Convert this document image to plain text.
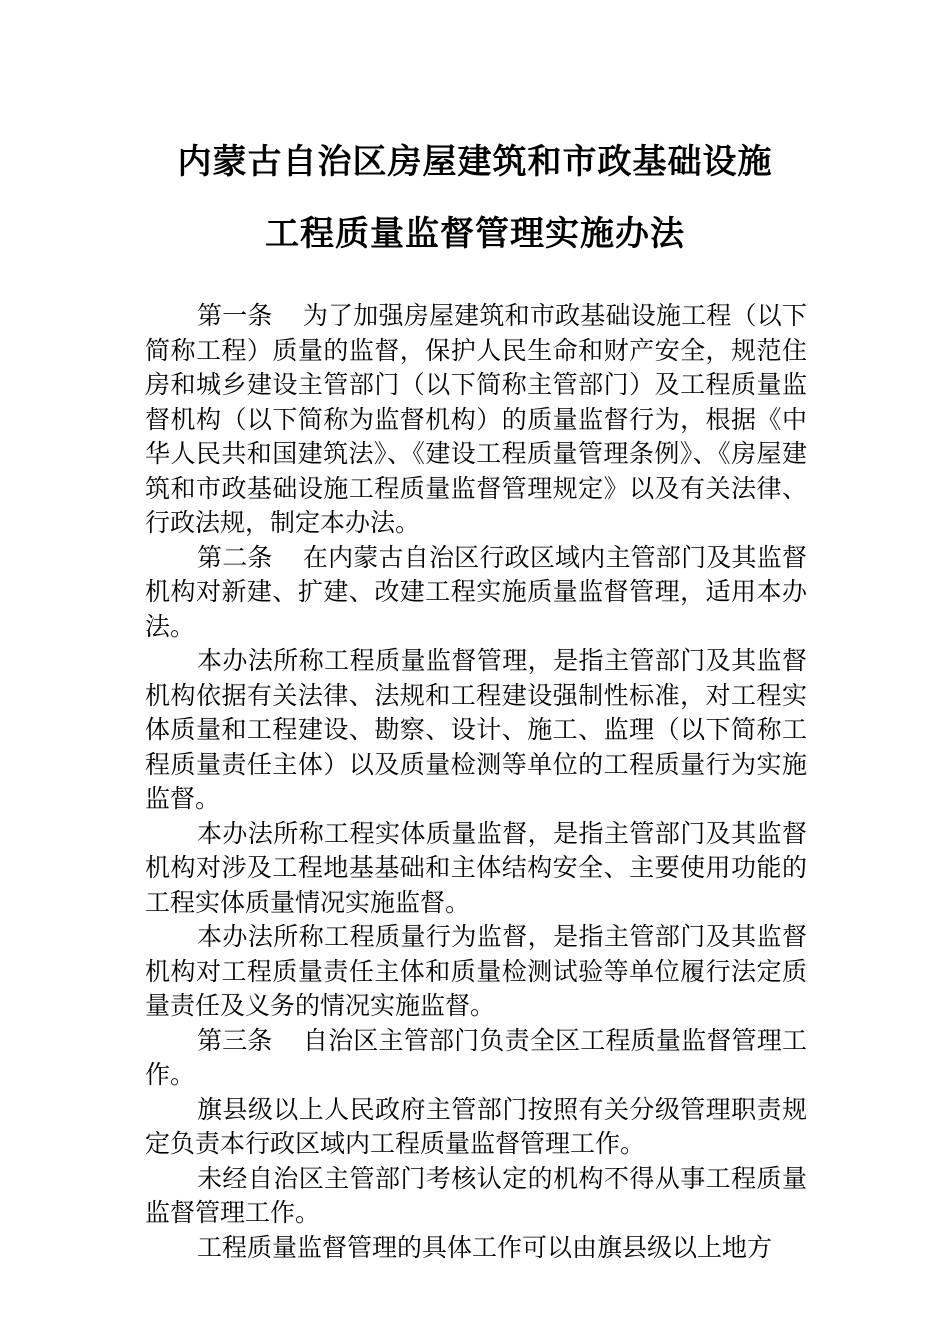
内蒙古自治区房屋建筑和市政基础设施
工程质量监督管理实施办法

第一条 为了加强房屋建筑和市政基础设施工程（以下简称工程）质量的监督，保护人民生命和财产安全，规范住房和城乡建设主管部门（以下简称主管部门）及工程质量监督机构（以下简称为监督机构）的质量监督行为，根据《中华人民共和国建筑法》、《建设工程质量管理条例》、《房屋建筑和市政基础设施工程质量监督管理规定》以及有关法律、行政法规，制定本办法。

第二条 在内蒙古自治区行政区域内主管部门及其监督机构对新建、扩建、改建工程实施质量监督管理，适用本办法。

本办法所称工程质量监督管理，是指主管部门及其监督机构依据有关法律、法规和工程建设强制性标准，对工程实体质量和工程建设、勘察、设计、施工、监理（以下简称工程质量责任主体）以及质量检测等单位的工程质量行为实施监督。

本办法所称工程实体质量监督，是指主管部门及其监督机构对涉及工程地基基础和主体结构安全、主要使用功能的工程实体质量情况实施监督。

本办法所称工程质量行为监督，是指主管部门及其监督机构对工程质量责任主体和质量检测试验等单位履行法定质量责任及义务的情况实施监督。

第三条 自治区主管部门负责全区工程质量监督管理工作。

旗县级以上人民政府主管部门按照有关分级管理职责规定负责本行政区域内工程质量监督管理工作。

未经自治区主管部门考核认定的机构不得从事工程质量监督管理工作。

工程质量监督管理的具体工作可以由旗县级以上地方
